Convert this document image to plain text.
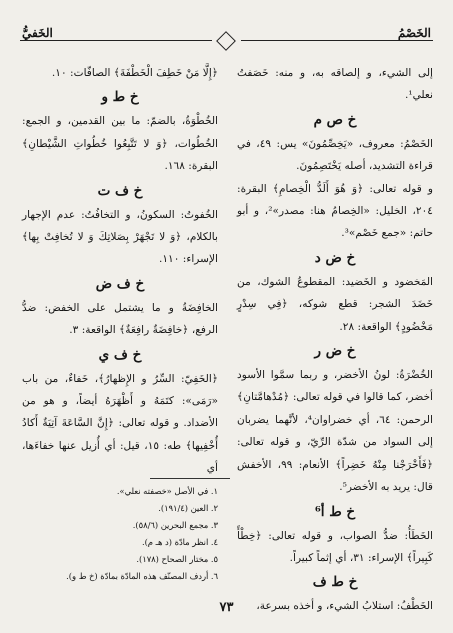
الخَصْمُ
الخَفيُّ

إلى الشيء، و إلصاقه به، و منه: خَصَفتُ نعلي¹.

خ ص م

الخَصْمُ: معروف، «يَخِصِّمُونَ» يس: ٤٩، في قراءة التشديد، أصله يَخْتَصِمُونَ.

و قوله تعالى: ﴿وَ هُوَ أَلَدُّ الْخِصامِ﴾ البقرة: ٢٠٤، الخليل: «الخِصامُ هنا: مصدر»²، و أبو حاتم: «جمع خَصْم»³.

خ ض د

المَخضود و الخَضيد: المقطوعُ الشوك، من خَضَدَ الشجر: قطع شوكه، ﴿فِي سِدْرٍ مَخْضُودٍ﴾ الواقعة: ٢٨.

خ ض ر

الخُضْرَةُ: لونُ الأخضر، و ربما سمَّوا الأسود أخضر، كما قالوا في قوله تعالى: ﴿مُدْهامَّتانِ﴾ الرحمن: ٦٤، أي خضراوان⁴، لأنَّهما يضربان إلى السواد من شدّة الرِّيّ، و قوله تعالى: ﴿فَأَخْرَجْنا مِنْهُ خَضِراً﴾ الأنعام: ٩٩، الأخفش قال: يريد به الأخضر⁵.

خ ط أ⁶

الخَطَأُ: ضدُّ الصواب، و قوله تعالى: ﴿خِطْأً كَبِيراً﴾ الإسراء: ٣١، أي إثماً كبيراً.

خ ط ف

الخَطْفُ: استلابُ الشيء، و أخذه بسرعة،

﴿إِلَّا مَنْ خَطِفَ الْخَطْفَةَ﴾ الصافّات: ١٠.

خ ط و

الخُطْوَةُ، بالضمّ: ما بين القدمين، و الجمع: الخُطُوات، ﴿وَ لا تَتَّبِعُوا خُطُواتِ الشَّيْطانِ﴾ البقرة: ١٦٨.

خ ف ت

الخُفوتُ: السكونُ، و التخافُتُ: عدم الإجهار بالكلام، ﴿وَ لا تَجْهَرْ بِصَلاتِكَ وَ لا تُخافِتْ بِها﴾ الإسراء: ١١٠.

خ ف ض

الخافِضَةُ و ما يشتمل على الخفض: ضدُّ الرفع، ﴿خافِضَةٌ رافِعَةٌ﴾ الواقعة: ٣.

خ ف ي

﴿الخَفِيّ: السِّرُ و الإِظهارُ﴾، خَفاءٌ، من باب «رَمَى»: كتَمَهُ و أَظْهَرَهُ أيضاً، و هو من الأضداد. و قوله تعالى: ﴿إِنَّ السَّاعَةَ آتِيَةٌ أَكادُ أُخْفِيها﴾ طه: ١٥، قيل: أي أُزيل عنها خفاءَها، أي

١. في الأصل «خصفته نعلي».
٢. العين (١٩١/٤).
٣. مجمع البحرين (٥٨/٦).
٤. انظر مادّة (د هـ م).
٥. مختار الصحاح (١٧٨).
٦. أردف المصنّف هذه المادّة بمادّة (خ ط و).
٧٣
